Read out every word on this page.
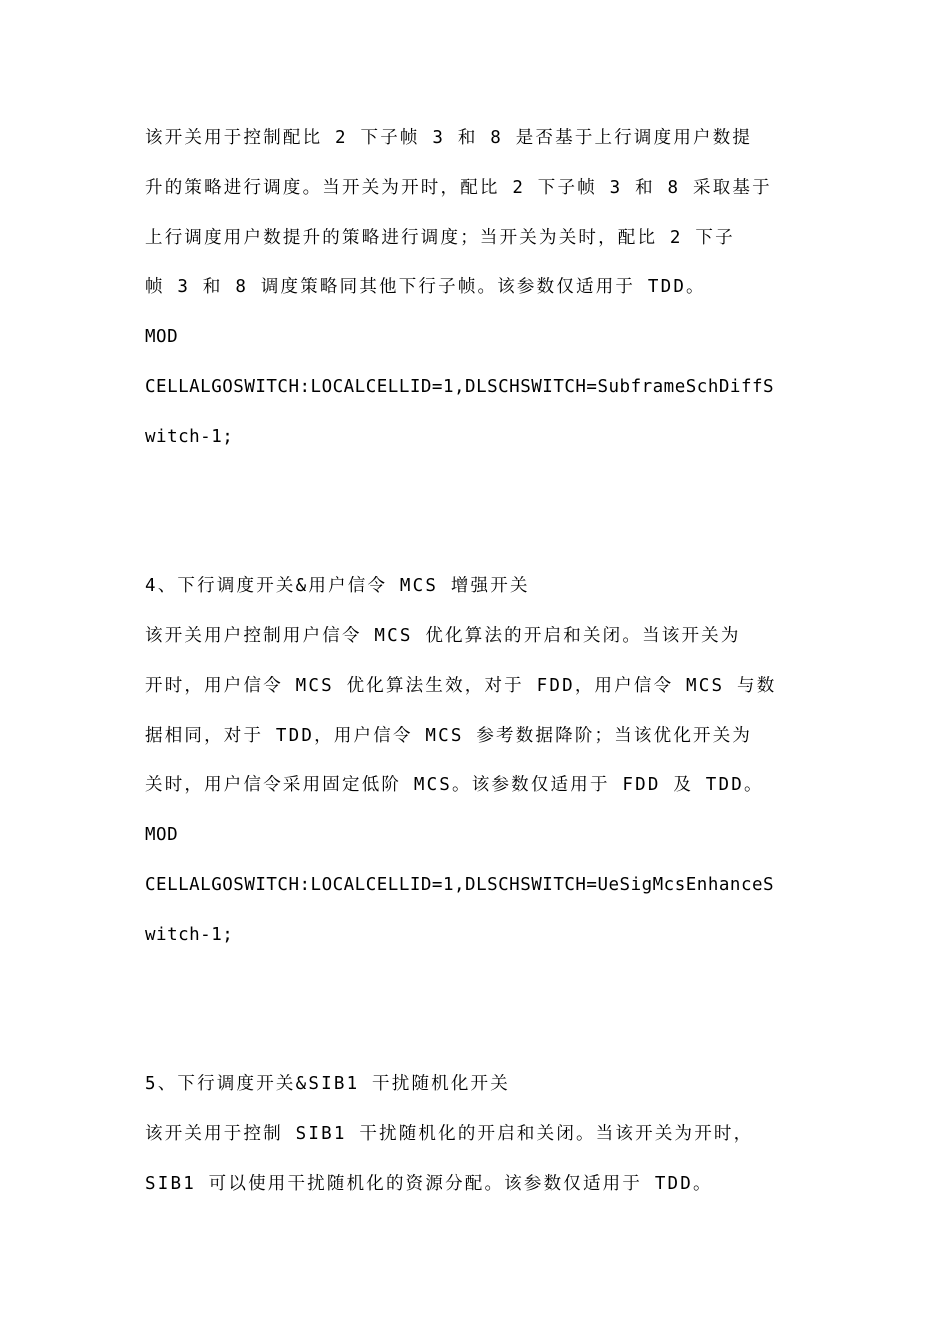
该开关用于控制配比 2 下子帧 3 和 8 是否基于上行调度用户数提
升的策略进行调度。当开关为开时，配比 2 下子帧 3 和 8 采取基于
上行调度用户数提升的策略进行调度；当开关为关时，配比 2 下子
帧 3 和 8 调度策略同其他下行子帧。该参数仅适用于 TDD。
MOD
CELLALGOSWITCH:LOCALCELLID=1,DLSCHSWITCH=SubframeSchDiffS
witch-1;
4、下行调度开关&用户信令 MCS 增强开关
该开关用户控制用户信令 MCS 优化算法的开启和关闭。当该开关为
开时，用户信令 MCS 优化算法生效，对于 FDD，用户信令 MCS 与数
据相同，对于 TDD，用户信令 MCS 参考数据降阶；当该优化开关为
关时，用户信令采用固定低阶 MCS。该参数仅适用于 FDD 及 TDD。
MOD
CELLALGOSWITCH:LOCALCELLID=1,DLSCHSWITCH=UeSigMcsEnhanceS
witch-1;
5、下行调度开关&SIB1 干扰随机化开关
该开关用于控制 SIB1 干扰随机化的开启和关闭。当该开关为开时，
SIB1 可以使用干扰随机化的资源分配。该参数仅适用于 TDD。
